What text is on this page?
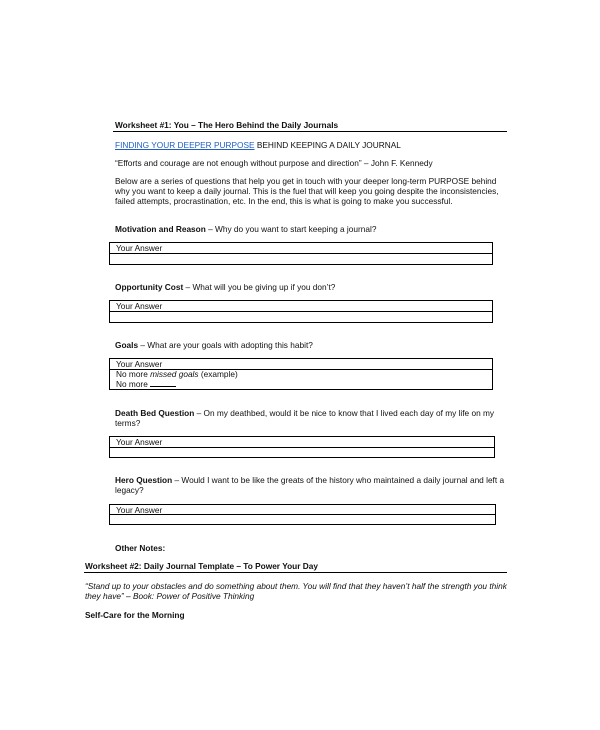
Worksheet #1: You – The Hero Behind the Daily Journals
FINDING YOUR DEEPER PURPOSE BEHIND KEEPING A DAILY JOURNAL
“Efforts and courage are not enough without purpose and direction” – John F. Kennedy
Below are a series of questions that help you get in touch with your deeper long-term PURPOSE behind why you want to keep a daily journal. This is the fuel that will keep you going despite the inconsistencies, failed attempts, procrastination, etc. In the end, this is what is going to make you successful.
Motivation and Reason – Why do you want to start keeping a journal?
Your Answer
Opportunity Cost – What will you be giving up if you don’t?
Your Answer
Goals – What are your goals with adopting this habit?
Your Answer
No more missed goals (example)
No more
Death Bed Question – On my deathbed, would it be nice to know that I lived each day of my life on my terms?
Your Answer
Hero Question – Would I want to be like the greats of the history who maintained a daily journal and left a legacy?
Your Answer
Other Notes:
Worksheet #2: Daily Journal Template – To Power Your Day
“Stand up to your obstacles and do something about them. You will find that they haven’t half the strength you think they have” – Book: Power of Positive Thinking
Self-Care for the Morning
